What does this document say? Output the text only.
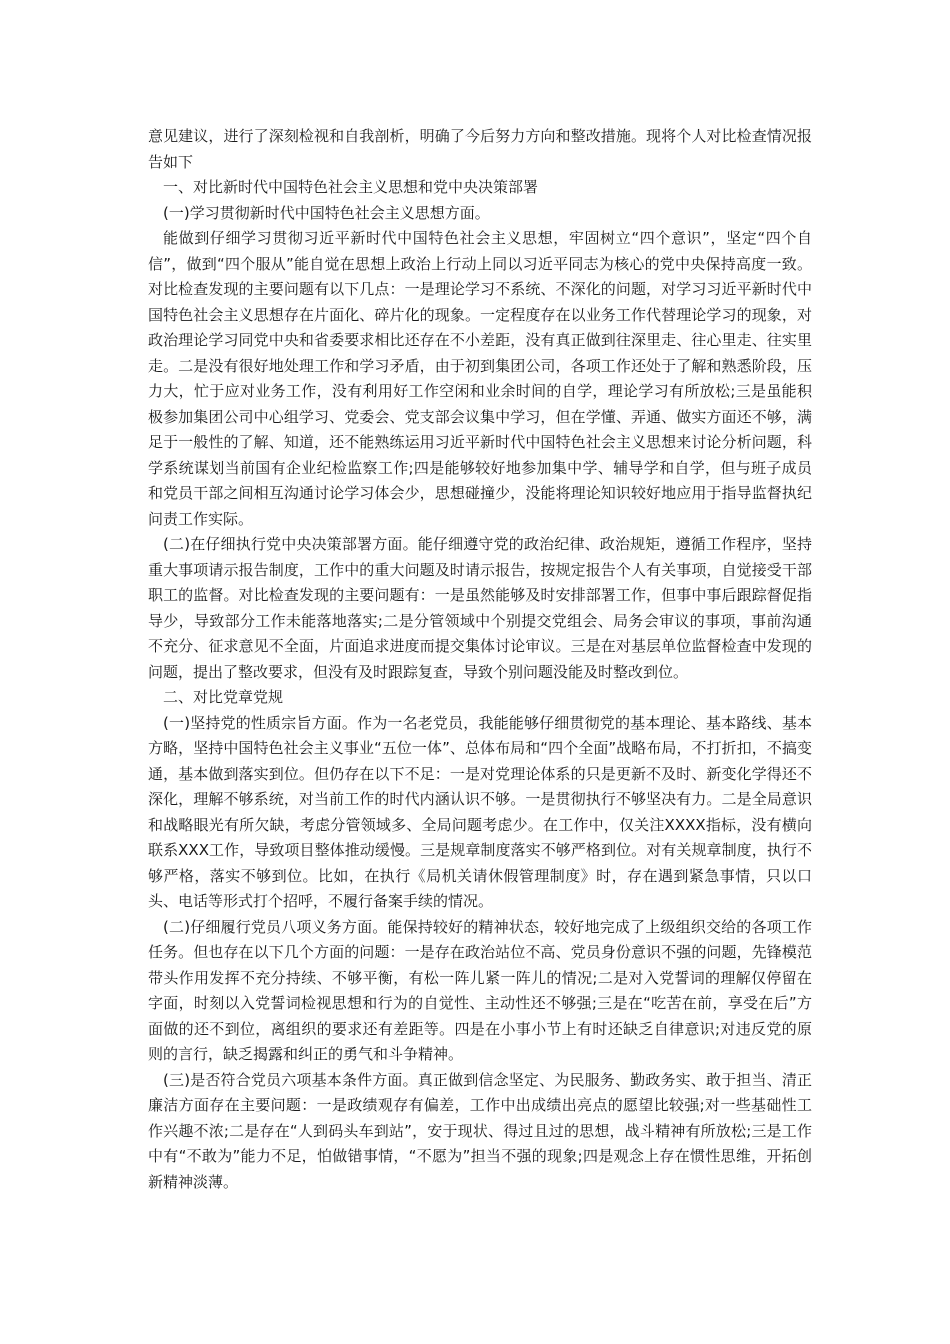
意见建议，进行了深刻检视和自我剖析，明确了今后努力方向和整改措施。现将个人对比检查情况报告如下

一、对比新时代中国特色社会主义思想和党中央决策部署

(一)学习贯彻新时代中国特色社会主义思想方面。

能做到仔细学习贯彻习近平新时代中国特色社会主义思想，牢固树立“四个意识”，坚定“四个自信”，做到“四个服从”能自觉在思想上政治上行动上同以习近平同志为核心的党中央保持高度一致。对比检查发现的主要问题有以下几点：一是理论学习不系统、不深化的问题，对学习习近平新时代中国特色社会主义思想存在片面化、碎片化的现象。一定程度存在以业务工作代替理论学习的现象，对政治理论学习同党中央和省委要求相比还存在不小差距，没有真正做到往深里走、往心里走、往实里走。二是没有很好地处理工作和学习矛盾，由于初到集团公司，各项工作还处于了解和熟悉阶段，压力大，忙于应对业务工作，没有利用好工作空闲和业余时间的自学，理论学习有所放松;三是虽能积极参加集团公司中心组学习、党委会、党支部会议集中学习，但在学懂、弄通、做实方面还不够，满足于一般性的了解、知道，还不能熟练运用习近平新时代中国特色社会主义思想来讨论分析问题，科学系统谋划当前国有企业纪检监察工作;四是能够较好地参加集中学、辅导学和自学，但与班子成员和党员干部之间相互沟通讨论学习体会少，思想碰撞少，没能将理论知识较好地应用于指导监督执纪问责工作实际。

(二)在仔细执行党中央决策部署方面。能仔细遵守党的政治纪律、政治规矩，遵循工作程序，坚持重大事项请示报告制度，工作中的重大问题及时请示报告，按规定报告个人有关事项，自觉接受干部职工的监督。对比检查发现的主要问题有：一是虽然能够及时安排部署工作，但事中事后跟踪督促指导少，导致部分工作未能落地落实;二是分管领域中个别提交党组会、局务会审议的事项，事前沟通不充分、征求意见不全面，片面追求进度而提交集体讨论审议。三是在对基层单位监督检查中发现的问题，提出了整改要求，但没有及时跟踪复查，导致个别问题没能及时整改到位。

二、对比党章党规

(一)坚持党的性质宗旨方面。作为一名老党员，我能能够仔细贯彻党的基本理论、基本路线、基本方略，坚持中国特色社会主义事业“五位一体”、总体布局和“四个全面”战略布局，不打折扣，不搞变通，基本做到落实到位。但仍存在以下不足：一是对党理论体系的只是更新不及时、新变化学得还不深化，理解不够系统，对当前工作的时代内涵认识不够。一是贯彻执行不够坚决有力。二是全局意识和战略眼光有所欠缺，考虑分管领域多、全局问题考虑少。在工作中，仅关注XXXX指标，没有横向联系XXX工作，导致项目整体推动缓慢。三是规章制度落实不够严格到位。对有关规章制度，执行不够严格，落实不够到位。比如，在执行《局机关请休假管理制度》时，存在遇到紧急事情，只以口头、电话等形式打个招呼，不履行备案手续的情况。

(二)仔细履行党员八项义务方面。能保持较好的精神状态，较好地完成了上级组织交给的各项工作任务。但也存在以下几个方面的问题：一是存在政治站位不高、党员身份意识不强的问题，先锋模范带头作用发挥不充分持续、不够平衡，有松一阵儿紧一阵儿的情况;二是对入党誓词的理解仅停留在字面，时刻以入党誓词检视思想和行为的自觉性、主动性还不够强;三是在“吃苦在前，享受在后”方面做的还不到位，离组织的要求还有差距等。四是在小事小节上有时还缺乏自律意识;对违反党的原则的言行，缺乏揭露和纠正的勇气和斗争精神。

(三)是否符合党员六项基本条件方面。真正做到信念坚定、为民服务、勤政务实、敢于担当、清正廉洁方面存在主要问题：一是政绩观存有偏差，工作中出成绩出亮点的愿望比较强;对一些基础性工作兴趣不浓;二是存在“人到码头车到站”，安于现状、得过且过的思想，战斗精神有所放松;三是工作中有“不敢为”能力不足，怕做错事情，“不愿为”担当不强的现象;四是观念上存在惯性思维，开拓创新精神淡薄。
